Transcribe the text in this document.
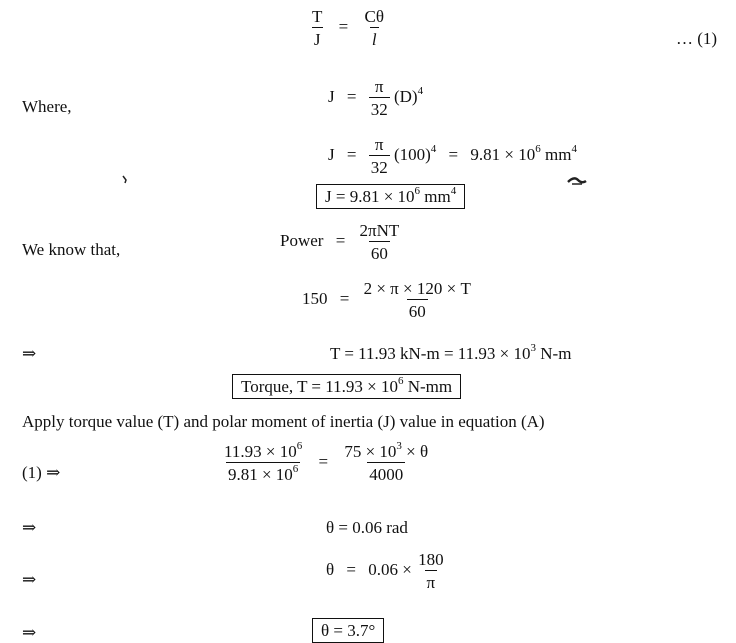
$\frac{T}{J} = \frac{C\theta}{l}$	… (1)
Where,
$J = \frac{\pi}{32} (D)^4$
$J = \frac{\pi}{32} (100)^4 = 9.81 \times 10^6$ $mm^4$
$J = 9.81 \times 10^6$ $mm^4$
We know that,	Power = $\frac{\text{2πNT}}{60}$
$150 = \frac{2 \times \pi \times 120 \times T}{60}$
⇒	T = 11.93 $kN-m = 11.93 \times 10^3$ N-m
Torque, $T = 11.93 \times 10^6$ N-mm
Apply torque value (T) and polar moment of inertia (J) value in equation (A)
(1) ⇒	$\frac{11.93 \times 10^6}{9.81 \times 10^6} = \frac{75 \times 10^3 \times \theta}{4000}$
⇒	θ = 0.06 rad
⇒
$\theta = 0.06 \times \frac{180}{\pi}$
⇒	θ = 3.7°
